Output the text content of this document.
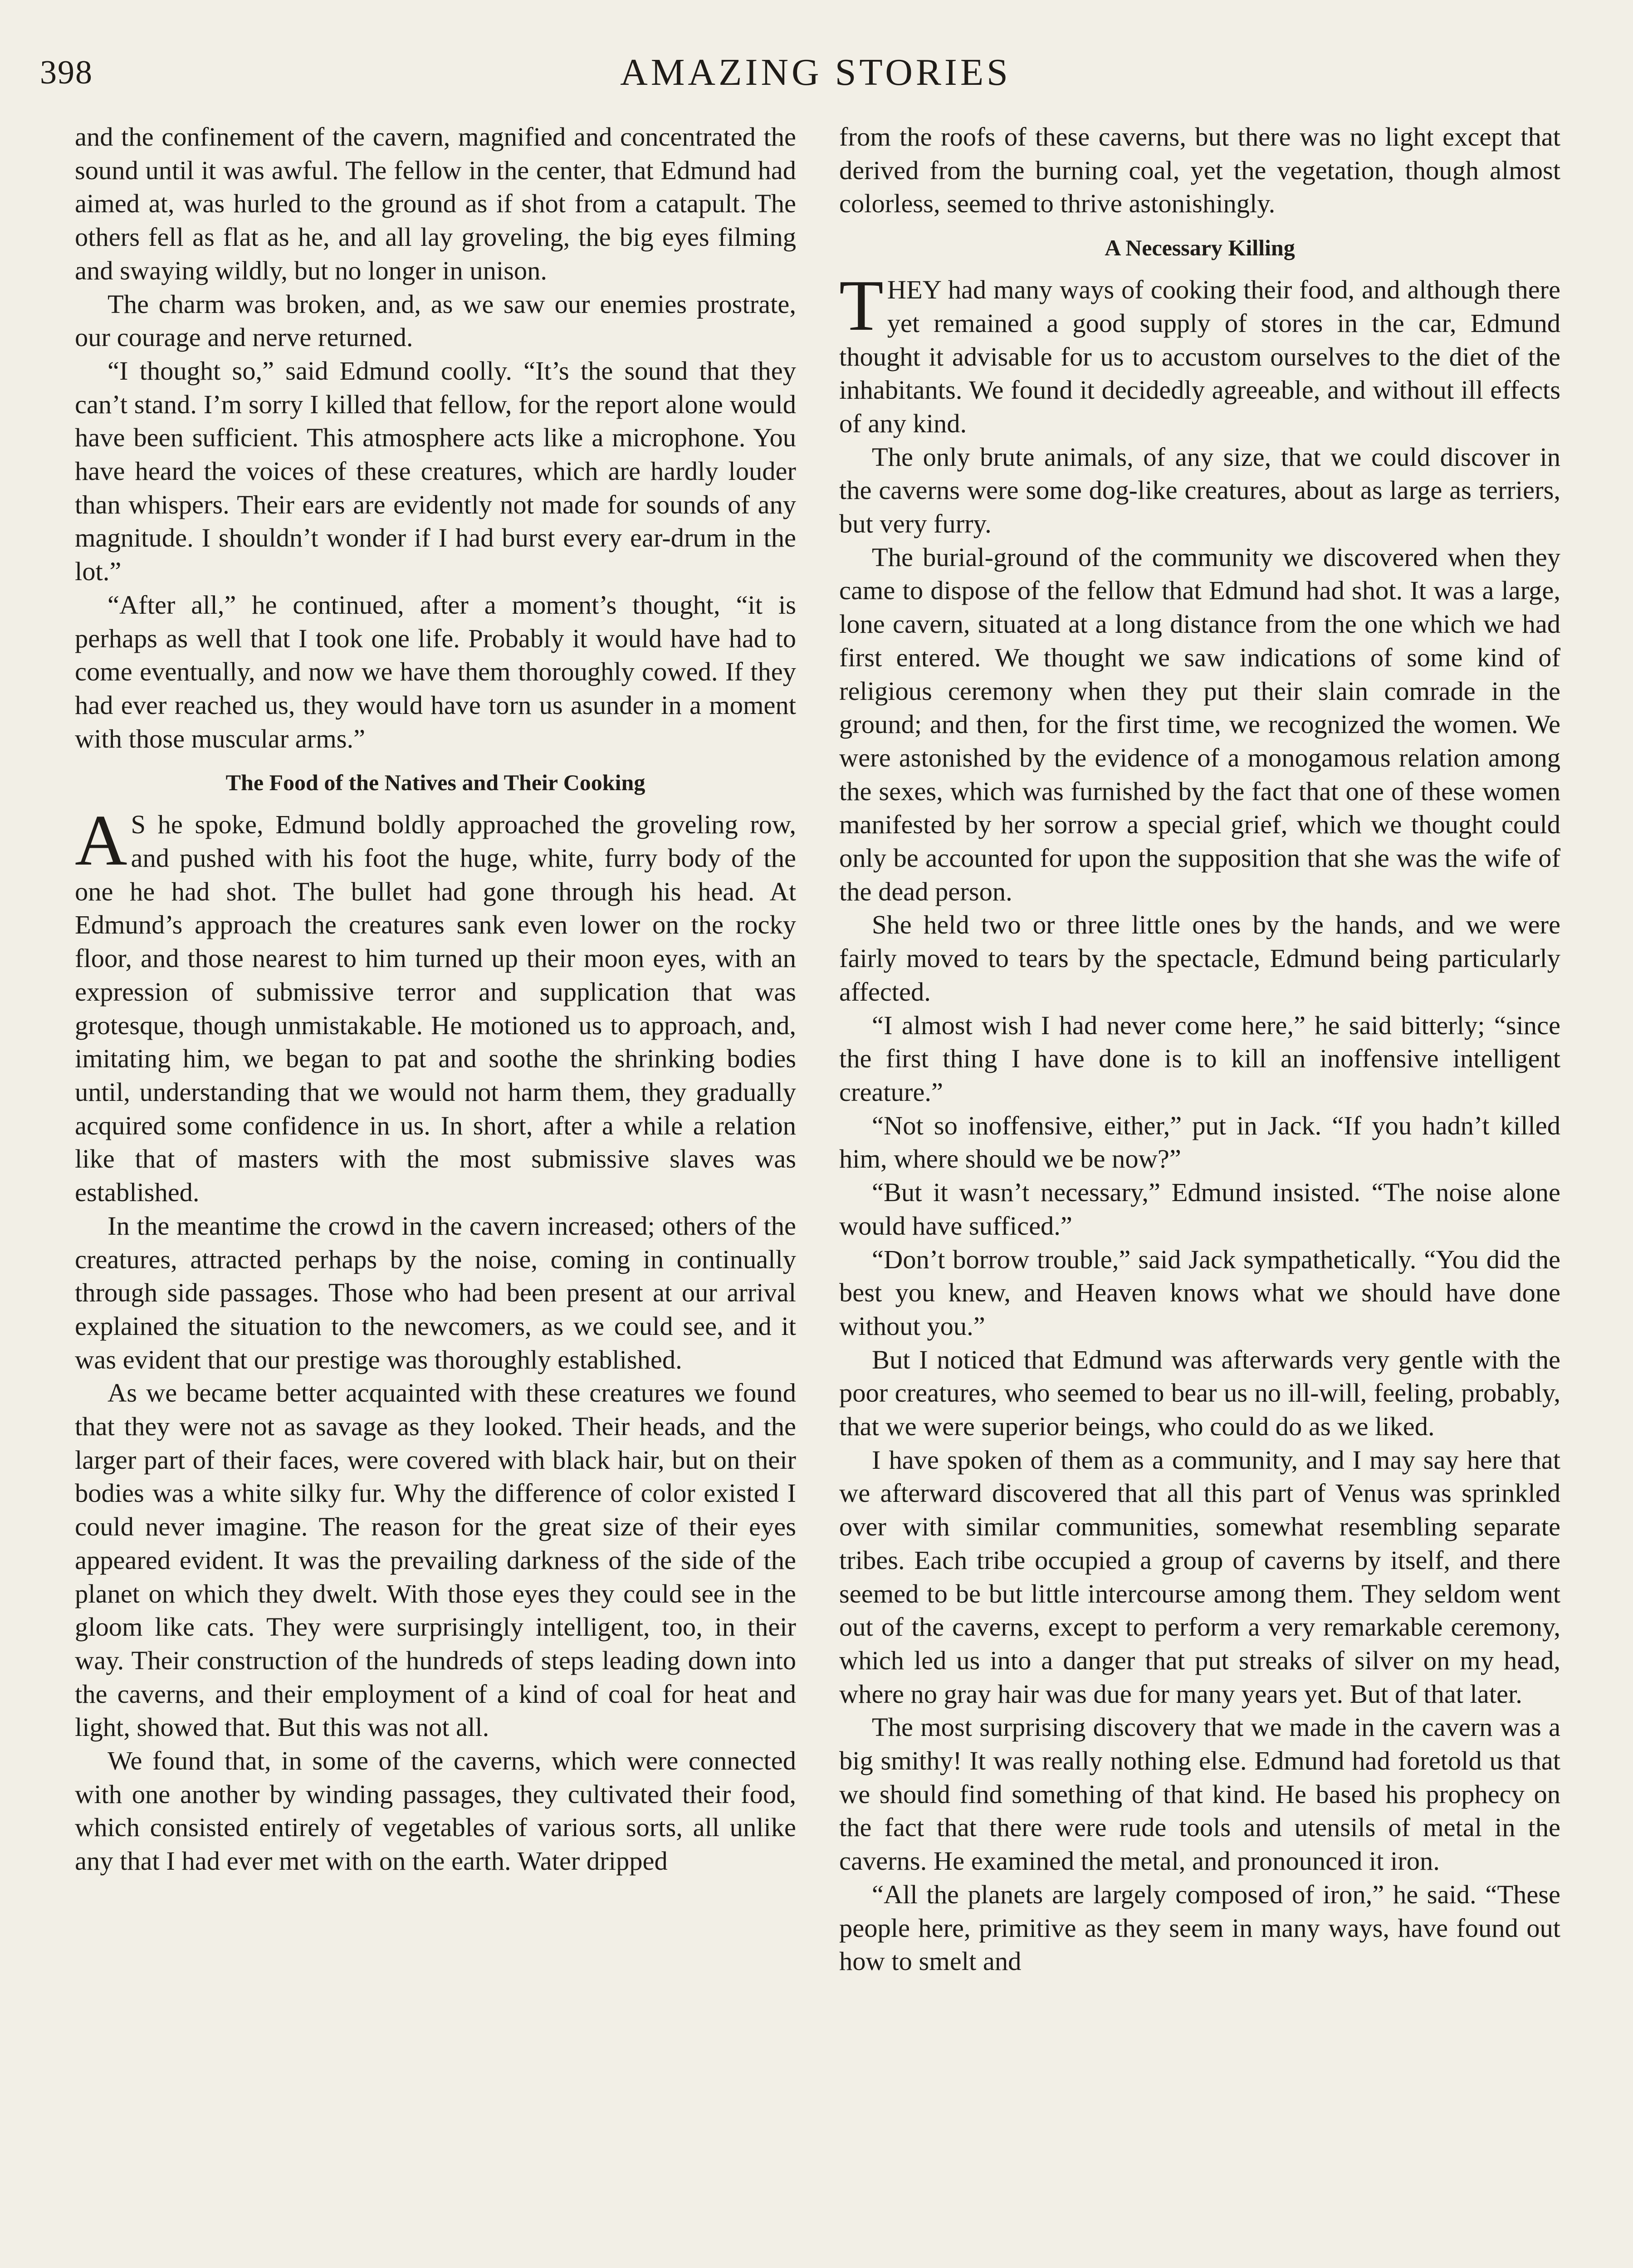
398	AMAZING STORIES

and the confinement of the cavern, magnified and concentrated the sound until it was awful. The fellow in the center, that Edmund had aimed at, was hurled to the ground as if shot from a catapult. The others fell as flat as he, and all lay groveling, the big eyes filming and swaying wildly, but no longer in unison.

The charm was broken, and, as we saw our enemies prostrate, our courage and nerve returned.

“I thought so,” said Edmund coolly. “It’s the sound that they can’t stand. I’m sorry I killed that fellow, for the report alone would have been sufficient. This atmosphere acts like a microphone. You have heard the voices of these creatures, which are hardly louder than whispers. Their ears are evidently not made for sounds of any magnitude. I shouldn’t wonder if I had burst every ear-drum in the lot.”

“After all,” he continued, after a moment’s thought, “it is perhaps as well that I took one life. Probably it would have had to come eventually, and now we have them thoroughly cowed. If they had ever reached us, they would have torn us asunder in a moment with those muscular arms.”

The Food of the Natives and Their Cooking

A S he spoke, Edmund boldly approached the groveling row, and pushed with his foot the huge, white, furry body of the one he had shot. The bullet had gone through his head. At Edmund’s approach the creatures sank even lower on the rocky floor, and those nearest to him turned up their moon eyes, with an expression of submissive terror and supplication that was grotesque, though unmistakable. He motioned us to approach, and, imitating him, we began to pat and soothe the shrinking bodies until, understanding that we would not harm them, they gradually acquired some confidence in us. In short, after a while a relation like that of masters with the most submissive slaves was established.

In the meantime the crowd in the cavern increased; others of the creatures, attracted perhaps by the noise, coming in continually through side passages. Those who had been present at our arrival explained the situation to the newcomers, as we could see, and it was evident that our prestige was thoroughly established.

As we became better acquainted with these creatures we found that they were not as savage as they looked. Their heads, and the larger part of their faces, were covered with black hair, but on their bodies was a white silky fur. Why the difference of color existed I could never imagine. The reason for the great size of their eyes appeared evident. It was the prevailing darkness of the side of the planet on which they dwelt. With those eyes they could see in the gloom like cats. They were surprisingly intelligent, too, in their way. Their construction of the hundreds of steps leading down into the caverns, and their employment of a kind of coal for heat and light, showed that. But this was not all.

We found that, in some of the caverns, which were connected with one another by winding passages, they cultivated their food, which consisted entirely of vegetables of various sorts, all unlike any that I had ever met with on the earth. Water dripped

from the roofs of these caverns, but there was no light except that derived from the burning coal, yet the vegetation, though almost colorless, seemed to thrive astonishingly.

A Necessary Killing

THEY had many ways of cooking their food, and although there yet remained a good supply of stores in the car, Edmund thought it advisable for us to accustom ourselves to the diet of the inhabitants. We found it decidedly agreeable, and without ill effects of any kind.

The only brute animals, of any size, that we could discover in the caverns were some dog-like creatures, about as large as terriers, but very furry.

The burial-ground of the community we discovered when they came to dispose of the fellow that Edmund had shot. It was a large, lone cavern, situated at a long distance from the one which we had first entered. We thought we saw indications of some kind of religious ceremony when they put their slain comrade in the ground; and then, for the first time, we recognized the women. We were astonished by the evidence of a monogamous relation among the sexes, which was furnished by the fact that one of these women manifested by her sorrow a special grief, which we thought could only be accounted for upon the supposition that she was the wife of the dead person.

She held two or three little ones by the hands, and we were fairly moved to tears by the spectacle, Edmund being particularly affected.

“I almost wish I had never come here,” he said bitterly; “since the first thing I have done is to kill an inoffensive intelligent creature.”

“Not so inoffensive, either,” put in Jack. “If you hadn’t killed him, where should we be now?”

“But it wasn’t necessary,” Edmund insisted. “The noise alone would have sufficed.”

“Don’t borrow trouble,” said Jack sympathetically. “You did the best you knew, and Heaven knows what we should have done without you.”

But I noticed that Edmund was afterwards very gentle with the poor creatures, who seemed to bear us no ill-will, feeling, probably, that we were superior beings, who could do as we liked.

I have spoken of them as a community, and I may say here that we afterward discovered that all this part of Venus was sprinkled over with similar communities, somewhat resembling separate tribes. Each tribe occupied a group of caverns by itself, and there seemed to be but little intercourse among them. They seldom went out of the caverns, except to perform a very remarkable ceremony, which led us into a danger that put streaks of silver on my head, where no gray hair was due for many years yet. But of that later.

The most surprising discovery that we made in the cavern was a big smithy! It was really nothing else. Edmund had foretold us that we should find something of that kind. He based his prophecy on the fact that there were rude tools and utensils of metal in the caverns. He examined the metal, and pronounced it iron.

“All the planets are largely composed of iron,” he said. “These people here, primitive as they seem in many ways, have found out how to smelt and
